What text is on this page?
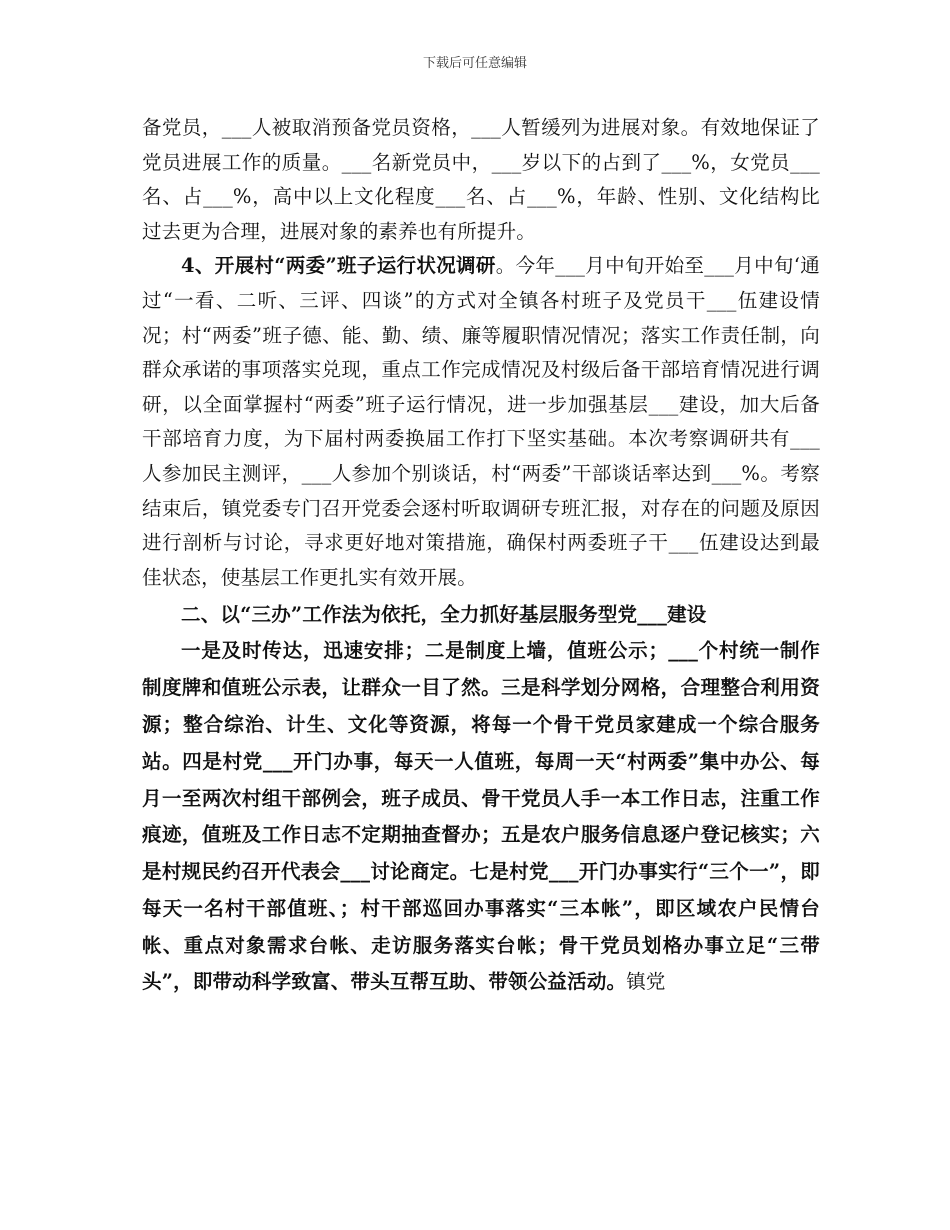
下载后可任意编辑

备党员，___人被取消预备党员资格，___人暂缓列为进展对象。有效地保证了党员进展工作的质量。___名新党员中，___岁以下的占到了___%，女党员___名、占___%，高中以上文化程度___名、占___%，年龄、性别、文化结构比过去更为合理，进展对象的素养也有所提升。

4、开展村“两委”班子运行状况调研。今年___月中旬开始至___月中旬‘通过“一看、二听、三评、四谈”的方式对全镇各村班子及党员干___伍建设情况；村“两委”班子德、能、勤、绩、廉等履职情况情况；落实工作责任制，向群众承诺的事项落实兑现，重点工作完成情况及村级后备干部培育情况进行调研，以全面掌握村“两委”班子运行情况，进一步加强基层___建设，加大后备干部培育力度，为下届村两委换届工作打下坚实基础。本次考察调研共有___人参加民主测评，___人参加个别谈话，村“两委”干部谈话率达到___%。考察结束后，镇党委专门召开党委会逐村听取调研专班汇报，对存在的问题及原因进行剖析与讨论，寻求更好地对策措施，确保村两委班子干___伍建设达到最佳状态，使基层工作更扎实有效开展。

二、以“三办”工作法为依托，全力抓好基层服务型党___建设

一是及时传达，迅速安排；二是制度上墙，值班公示；___个村统一制作制度牌和值班公示表，让群众一目了然。三是科学划分网格，合理整合利用资源；整合综治、计生、文化等资源，将每一个骨干党员家建成一个综合服务站。四是村党___开门办事，每天一人值班，每周一天“村两委”集中办公、每月一至两次村组干部例会，班子成员、骨干党员人手一本工作日志，注重工作痕迹，值班及工作日志不定期抽查督办；五是农户服务信息逐户登记核实；六是村规民约召开代表会___讨论商定。七是村党___开门办事实行“三个一”，即每天一名村干部值班、；村干部巡回办事落实“三本帐”，即区域农户民情台帐、重点对象需求台帐、走访服务落实台帐；骨干党员划格办事立足“三带头”，即带动科学致富、带头互帮互助、带领公益活动。镇党
